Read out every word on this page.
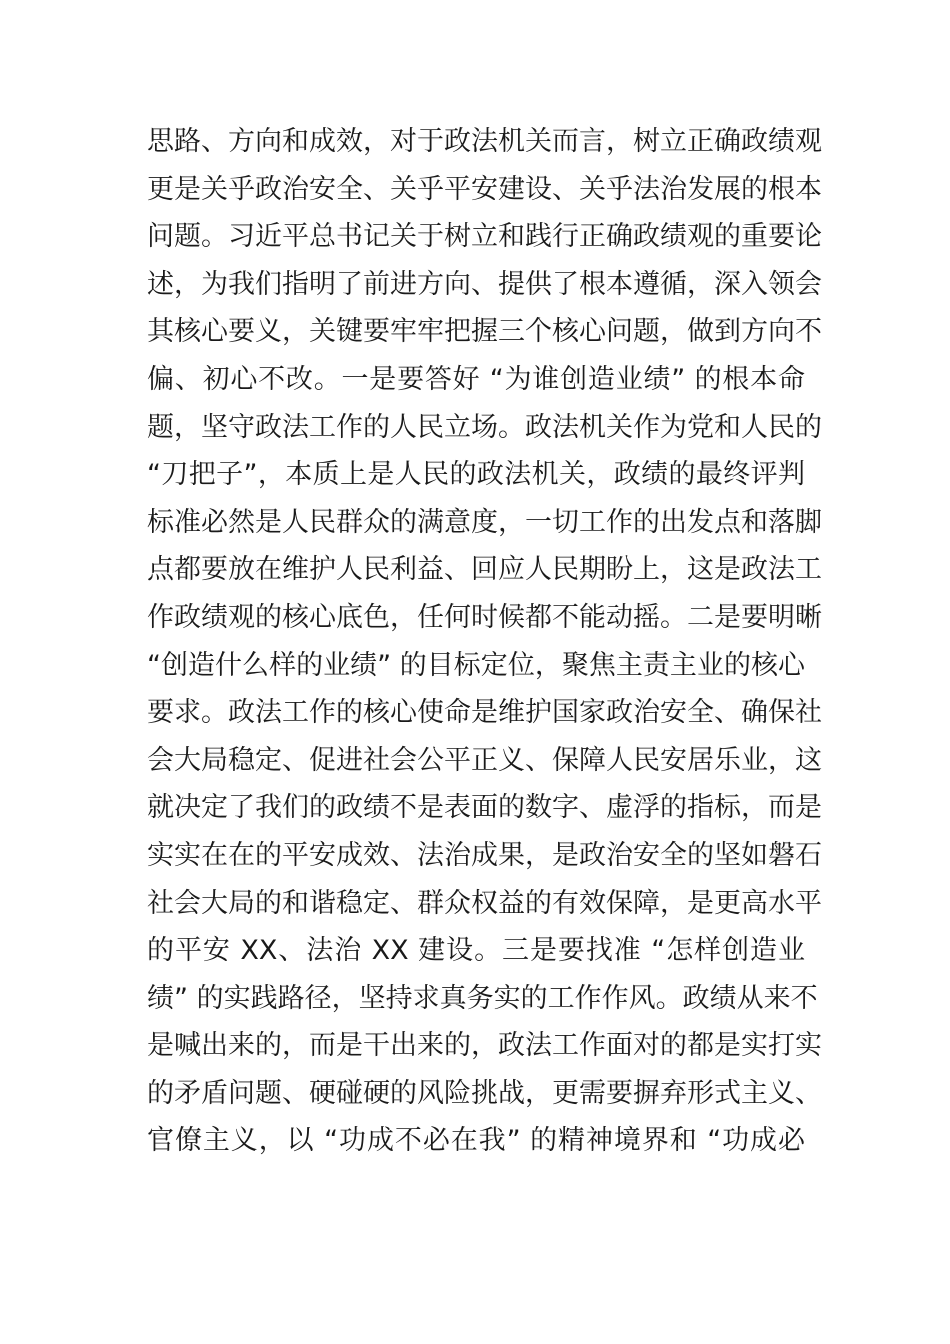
思路、方向和成效，对于政法机关而言，树立正确政绩观
更是关乎政治安全、关乎平安建设、关乎法治发展的根本
问题。习近平总书记关于树立和践行正确政绩观的重要论
述，为我们指明了前进方向、提供了根本遵循，深入领会
其核心要义，关键要牢牢把握三个核心问题，做到方向不
偏、初心不改。一是要答好 “为谁创造业绩” 的根本命
题，坚守政法工作的人民立场。政法机关作为党和人民的
“刀把子”，本质上是人民的政法机关，政绩的最终评判
标准必然是人民群众的满意度，一切工作的出发点和落脚
点都要放在维护人民利益、回应人民期盼上，这是政法工
作政绩观的核心底色，任何时候都不能动摇。二是要明晰
“创造什么样的业绩” 的目标定位，聚焦主责主业的核心
要求。政法工作的核心使命是维护国家政治安全、确保社
会大局稳定、促进社会公平正义、保障人民安居乐业，这
就决定了我们的政绩不是表面的数字、虚浮的指标，而是
实实在在的平安成效、法治成果，是政治安全的坚如磐石
社会大局的和谐稳定、群众权益的有效保障，是更高水平
的平安 XX、法治 XX 建设。三是要找准 “怎样创造业
绩” 的实践路径，坚持求真务实的工作作风。政绩从来不
是喊出来的，而是干出来的，政法工作面对的都是实打实
的矛盾问题、硬碰硬的风险挑战，更需要摒弃形式主义、
官僚主义，以 “功成不必在我” 的精神境界和 “功成必
